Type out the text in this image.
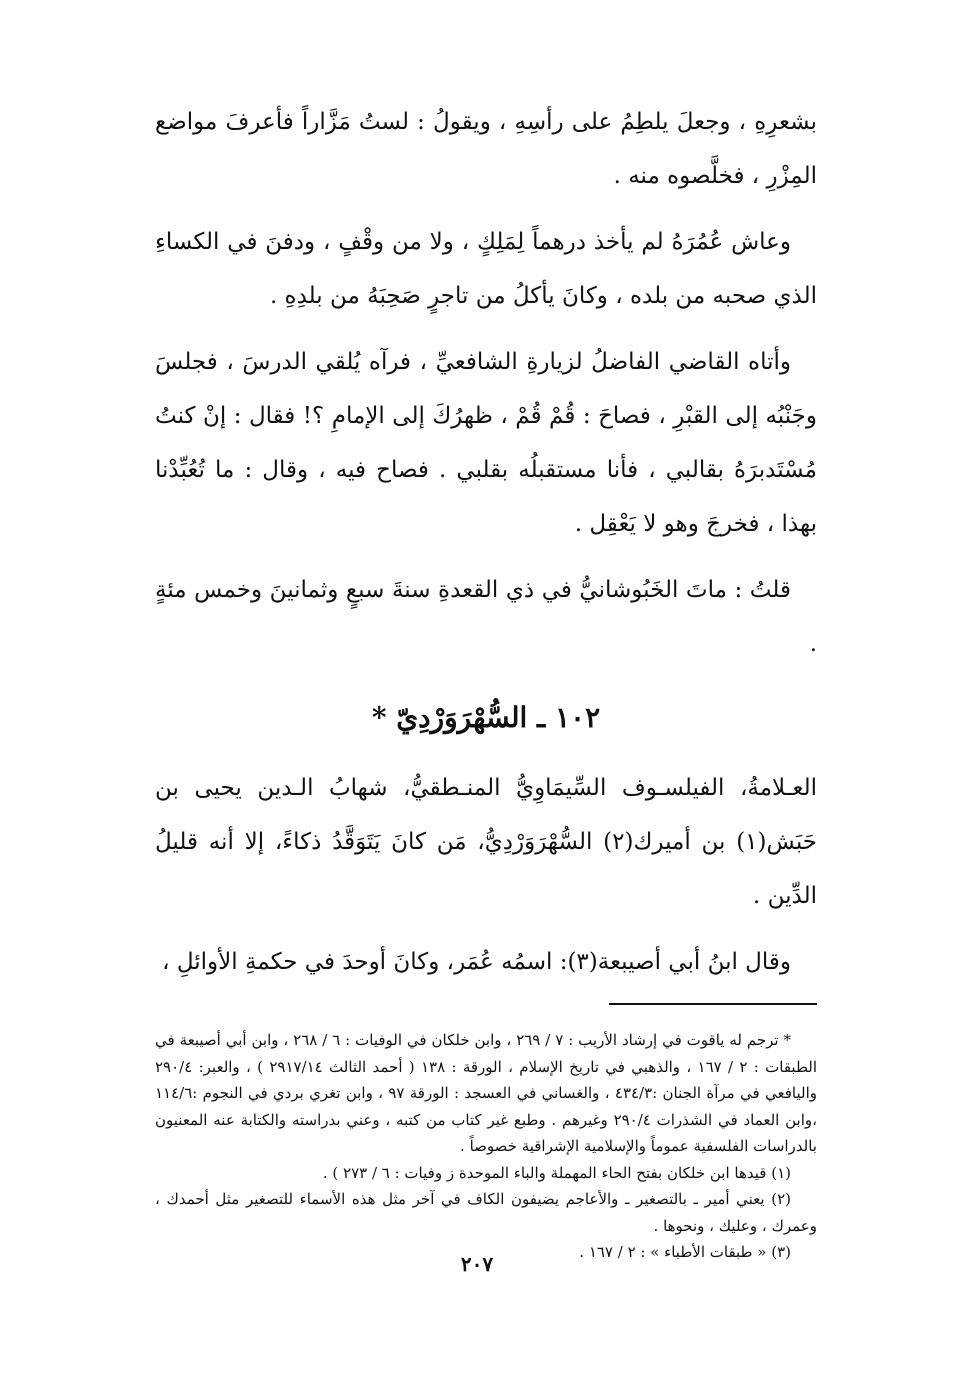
بشعرِهِ ، وجعلَ يلطِمُ على رأسِهِ ، ويقولُ : لستُ مَزَّاراً فأعرفَ مواضع المِزْرِ ، فخلَّصوه منه .

وعاش عُمُرَهُ لم يأخذ درهماً لِمَلِكٍ ، ولا من وقْفٍ ، ودفنَ في الكساءِ الذي صحبه من بلده ، وكانَ يأكلُ من تاجرٍ صَحِبَهُ من بلدِهِ .

وأتاه القاضي الفاضلُ لزيارةِ الشافعيِّ ، فرآه يُلقي الدرسَ ، فجلسَ وجَنْبُه إلى القبْرِ ، فصاحَ : قُمْ قُمْ ، ظهرُكَ إلى الإمامِ ؟! فقال : إنْ كنتُ مُسْتَدبرَهُ بقالبي ، فأنا مستقبلُه بقلبي . فصاح فيه ، وقال : ما تُعُبِّدْنا بهذا ، فخرجَ وهو لا يَعْقِل .

قلتُ : ماتَ الخَبُوشانيُّ في ذي القعدةِ سنةَ سبعٍ وثمانينَ وخمس مئةٍ .

١٠٢ ـ السُّهْرَوَرْدِيّ *

العـلامةُ، الفيلسـوف السِّيمَاوِيُّ المنـطقيُّ، شهابُ الـدين يحيى بن حَبَش(١) بن أميرك(٢) السُّهْرَوَرْدِيُّ، مَن كانَ يَتَوَقَّدُ ذكاءً، إلا أنه قليلُ الدِّين .

وقال ابنُ أبي أصيبعة(٣): اسمُه عُمَر، وكانَ أوحدَ في حكمةِ الأوائلِ ،

* ترجم له ياقوت في إرشاد الأريب : ٧ / ٢٦٩ ، وابن خلكان في الوفيات : ٦ / ٢٦٨ ، وابن أبي أصيبعة في الطبقات : ٢ / ١٦٧ ، والذهبي في تاريخ الإسلام ، الورقة : ١٣٨ ( أحمد الثالث ٢٩١٧/١٤ ) ، والعبر: ٢٩٠/٤ واليافعي في مرآة الجنان :٤٣٤/٣ ، والغساني في العسجد : الورقة ٩٧ ، وابن تغري بردي في النجوم :١١٤/٦ ،وابن العماد في الشذرات ٢٩٠/٤ وغيرهم . وطبع غير كتاب من كتبه ، وعني بدراسته والكتابة عنه المعنيون بالدراسات الفلسفية عموماً والإسلامية الإشراقية خصوصاً .

(١) قيدها ابن خلكان بفتح الحاء المهملة والباء الموحدة ﺯ وفيات : ٦ / ٢٧٣ ) .

(٢) يعني أمير ـ بالتصغير ـ والأعاجم يضيفون الكاف في آخر مثل هذه الأسماء للتصغير مثل أحمدك ، وعمرك ، وعليك ، ونحوها .

(٣) « طبقات الأطباء » : ٢ / ١٦٧ .

٢٠٧
